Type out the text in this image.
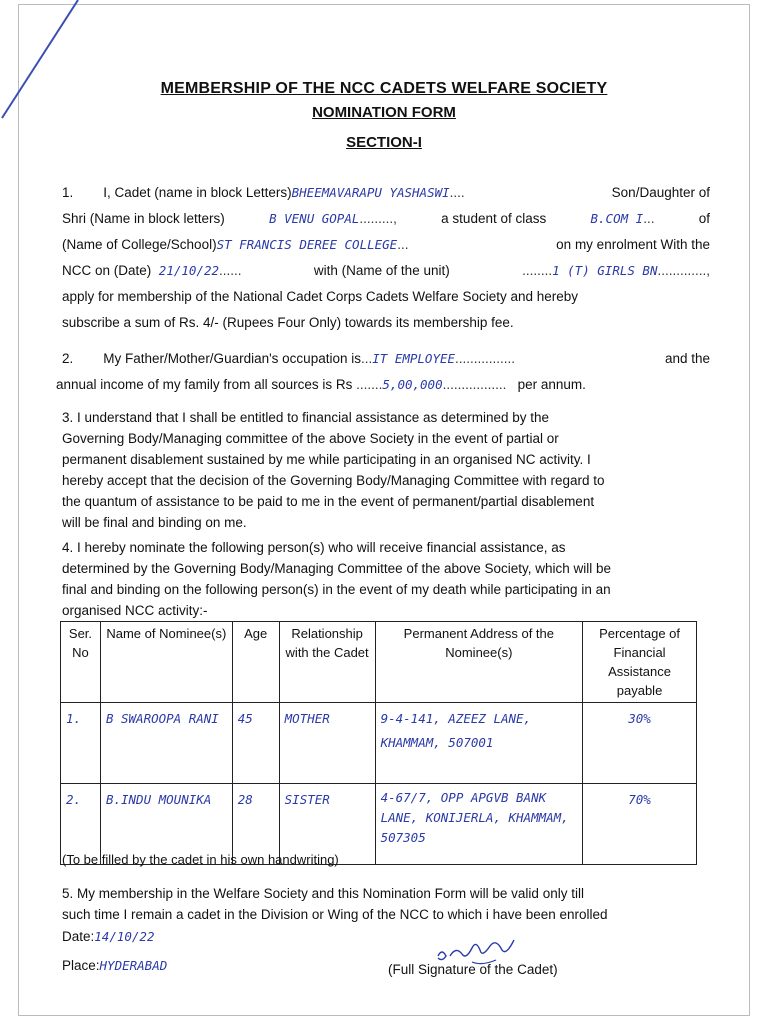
MEMBERSHIP OF THE NCC CADETS WELFARE SOCIETY
NOMINATION FORM
SECTION-I
1. I, Cadet (name in block Letters)BHEEMAVARAPU YASHASWI....	Son/Daughter of
Shri (Name in block letters)	B VENU GOPAL.........,	a student of class	B.COM I...	of
(Name of College/School)ST FRANCIS DEREE COLLEGE...	on my enrolment With the
NCC on (Date) 21/10/22......	with (Name of the unit)	........1 (T) GIRLS BN.............,
apply for membership of the National Cadet Corps Cadets Welfare Society and hereby
subscribe a sum of Rs. 4/- (Rupees Four Only) towards its membership fee.
2. My Father/Mother/Guardian's occupation is...IT EMPLOYEE................	and the
annual income of my family from all sources is Rs .......5,00,000................. per annum.
3. I understand that I shall be entitled to financial assistance as determined by the
Governing Body/Managing committee of the above Society in the event of partial or
permanent disablement sustained by me while participating in an organised NC activity. I
hereby accept that the decision of the Governing Body/Managing Committee with regard to
the quantum of assistance to be paid to me in the event of permanent/partial disablement
will be final and binding on me.
4. I hereby nominate the following person(s) who will receive financial assistance, as
determined by the Governing Body/Managing Committee of the above Society, which will be
final and binding on the following person(s) in the event of my death while participating in an
organised NCC activity:-
Ser. No	Name of Nominee(s)	Age	Relationship with the Cadet	Permanent Address of the Nominee(s)	Percentage of Financial Assistance payable
1.	B SWAROOPA RANI	45	MOTHER	9-4-141, AZEEZ LANE, KHAMMAM, 507001	30%
2.	B.INDU MOUNIKA	28	SISTER	4-67/7, OPP APGVB BANK LANE, KONIJERLA, KHAMMAM, 507305	70%
(To be filled by the cadet in his own handwriting)
5. My membership in the Welfare Society and this Nomination Form will be valid only till
such time I remain a cadet in the Division or Wing of the NCC to which i have been enrolled
Date:14/10/22
Place:HYDERABAD	(Full Signature of the Cadet)
